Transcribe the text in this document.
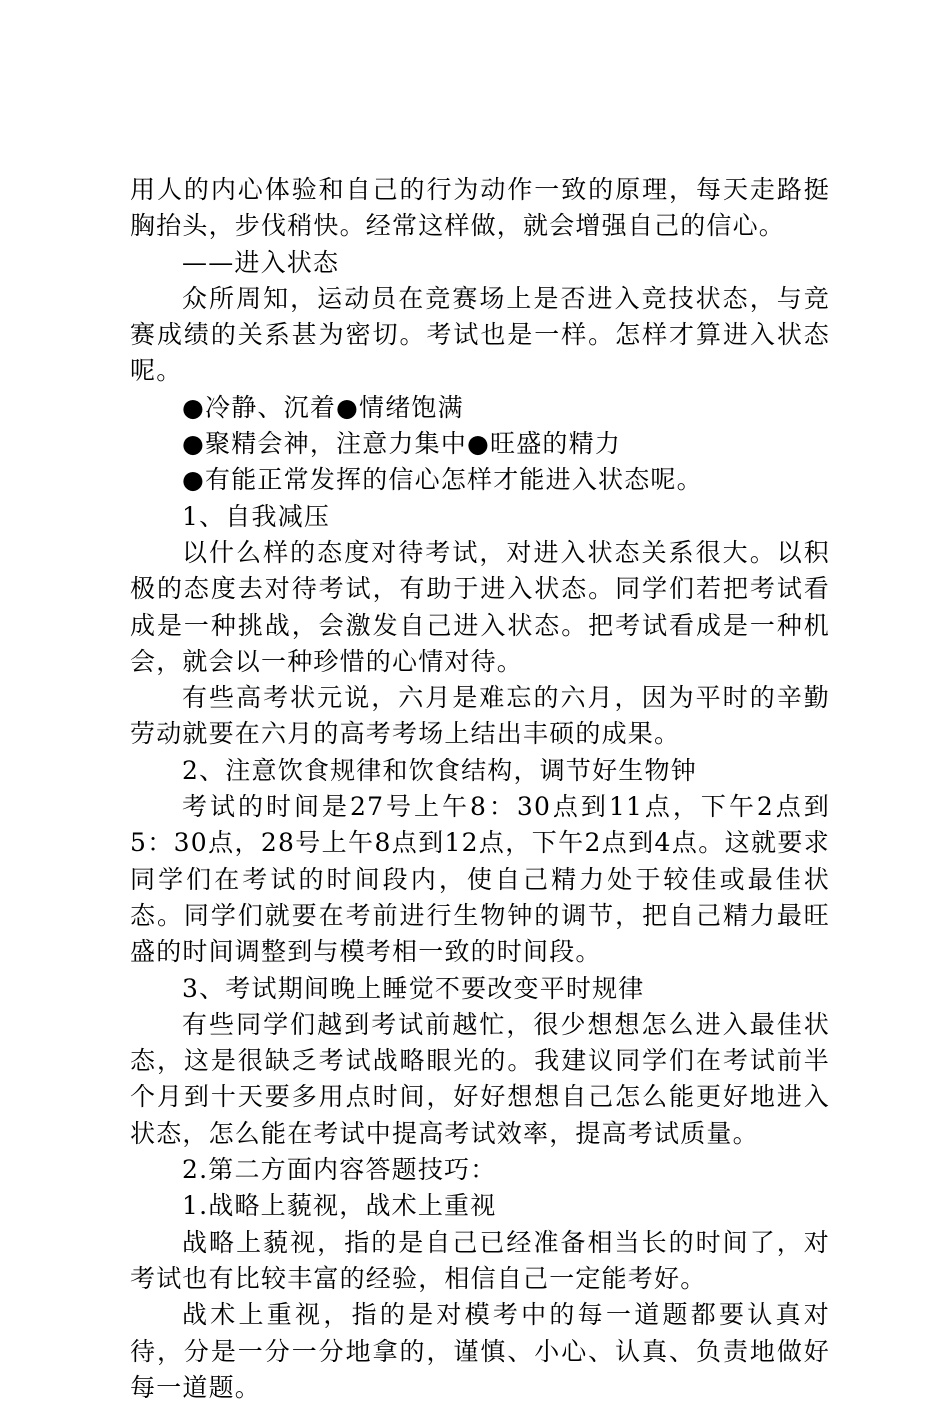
用人的内心体验和自己的行为动作一致的原理，每天走路挺胸抬头，步伐稍快。经常这样做，就会增强自己的信心。

——进入状态

众所周知，运动员在竞赛场上是否进入竞技状态，与竞赛成绩的关系甚为密切。考试也是一样。怎样才算进入状态呢。

●冷静、沉着●情绪饱满

●聚精会神，注意力集中●旺盛的精力

●有能正常发挥的信心怎样才能进入状态呢。

1、自我减压

以什么样的态度对待考试，对进入状态关系很大。以积极的态度去对待考试，有助于进入状态。同学们若把考试看成是一种挑战，会激发自己进入状态。把考试看成是一种机会，就会以一种珍惜的心情对待。

有些高考状元说，六月是难忘的六月，因为平时的辛勤劳动就要在六月的高考考场上结出丰硕的成果。

2、注意饮食规律和饮食结构，调节好生物钟

考试的时间是27号上午8：30点到11点，下午2点到5：30点，28号上午8点到12点，下午2点到4点。这就要求同学们在考试的时间段内，使自己精力处于较佳或最佳状态。同学们就要在考前进行生物钟的调节，把自己精力最旺盛的时间调整到与模考相一致的时间段。

3、考试期间晚上睡觉不要改变平时规律

有些同学们越到考试前越忙，很少想想怎么进入最佳状态，这是很缺乏考试战略眼光的。我建议同学们在考试前半个月到十天要多用点时间，好好想想自己怎么能更好地进入状态，怎么能在考试中提高考试效率，提高考试质量。

2.第二方面内容答题技巧：

1.战略上藐视，战术上重视

战略上藐视，指的是自己已经准备相当长的时间了，对考试也有比较丰富的经验，相信自己一定能考好。

战术上重视，指的是对模考中的每一道题都要认真对待，分是一分一分地拿的，谨慎、小心、认真、负责地做好每一道题。
